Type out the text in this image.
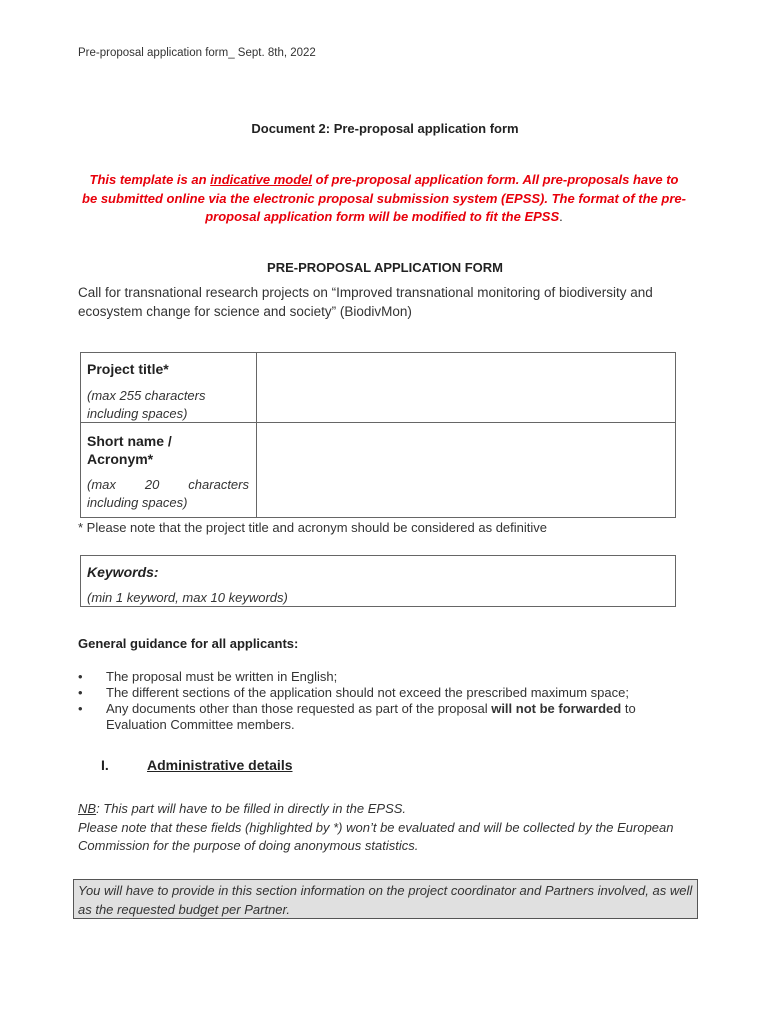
Pre-proposal application form_ Sept. 8th, 2022
Document 2: Pre-proposal application form
This template is an indicative model of pre-proposal application form. All pre-proposals have to be submitted online via the electronic proposal submission system (EPSS). The format of the pre-proposal application form will be modified to fit the EPSS.
PRE-PROPOSAL APPLICATION FORM
Call for transnational research projects on “Improved transnational monitoring of biodiversity and ecosystem change for science and society” (BiodivMon)
Project title*
(max 255 characters including spaces)
Short name /
Acronym*
(max 20 characters including spaces)
* Please note that the project title and acronym should be considered as definitive
Keywords:
(min 1 keyword, max 10 keywords)
General guidance for all applicants:
• The proposal must be written in English;
• The different sections of the application should not exceed the prescribed maximum space;
• Any documents other than those requested as part of the proposal will not be forwarded to Evaluation Committee members.
I.	Administrative details
NB: This part will have to be filled in directly in the EPSS.
Please note that these fields (highlighted by *) won’t be evaluated and will be collected by the European Commission for the purpose of doing anonymous statistics.
You will have to provide in this section information on the project coordinator and Partners involved, as well as the requested budget per Partner.
